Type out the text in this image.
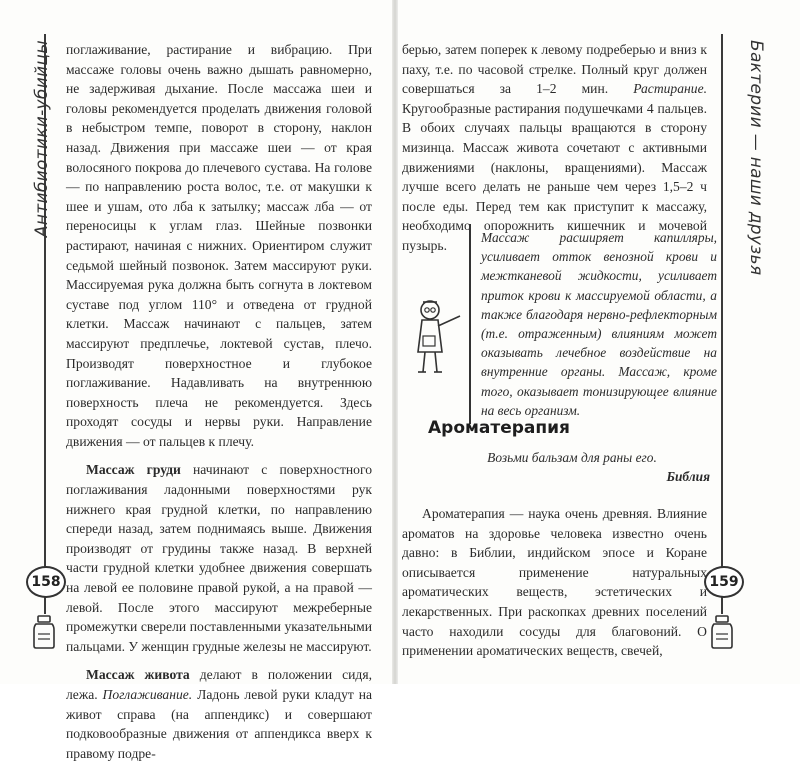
Антибиотики-убийцы
158

поглаживание, растирание и вибрацию. При массаже головы очень важно дышать равномерно, не задерживая дыхание. После массажа шеи и головы рекомендуется проделать движения головой в небыстром темпе, поворот в сторону, наклон назад. Движения при массаже шеи — от края волосяного покрова до плечевого сустава. На голове — по направлению роста волос, т.е. от макушки к шее и ушам, ото лба к затылку; массаж лба — от переносицы к углам глаз. Шейные позвонки растирают, начиная с нижних. Ориентиром служит седьмой шейный позвонок. Затем массируют руки. Массируемая рука должна быть согнута в локтевом суставе под углом 110° и отведена от грудной клетки. Массаж начинают с пальцев, затем массируют предплечье, локтевой сустав, плечо. Производят поверхностное и глубокое поглаживание. Надавливать на внутреннюю поверхность плеча не рекомендуется. Здесь проходят сосуды и нервы руки. Направление движения — от пальцев к плечу.

Массаж груди начинают с поверхностного поглаживания ладонными поверхностями рук нижнего края грудной клетки, по направлению спереди назад, затем поднимаясь выше. Движения производят от грудины также назад. В верхней части грудной клетки удобнее движения совершать на левой ее половине правой рукой, а на правой — левой. После этого массируют межреберные промежутки сверели поставленными указательными пальцами. У женщин грудные железы не массируют.

Массаж живота делают в положении сидя, лежа. Поглаживание. Ладонь левой руки кладут на живот справа (на аппендикс) и совершают подковообразные движения от аппендикса вверх к правому подре-

Бактерии — наши друзья
159

берью, затем поперек к левому подреберью и вниз к паху, т.е. по часовой стрелке. Полный круг должен совершаться за 1–2 мин. Растирание. Кругообразные растирания подушечками 4 пальцев. В обоих случаях пальцы вращаются в сторону мизинца. Массаж живота сочетают с активными движениями (наклоны, вращениями). Массаж лучше всего делать не раньше чем через 1,5–2 ч после еды. Перед тем как приступит к массажу, необходимо опорожнить кишечник и мочевой пузырь.

Массаж расширяет капилляры, усиливает отток венозной крови и межтканевой жидкости, усиливает приток крови к массируемой области, а также благодаря нервно-рефлекторным (т.е. отраженным) влияниям может оказывать лечебное воздействие на внутренние органы. Массаж, кроме того, оказывает тонизирующее влияние на весь организм.
Ароматерапия
Возьми бальзам для раны его.
Библия

Ароматерапия — наука очень древняя. Влияние ароматов на здоровье человека известно очень давно: в Библии, индийском эпосе и Коране описывается применение натуральных ароматических веществ, эстетических и лекарственных. При раскопках древних поселений часто находили сосуды для благовоний. О применении ароматических веществ, свечей,
